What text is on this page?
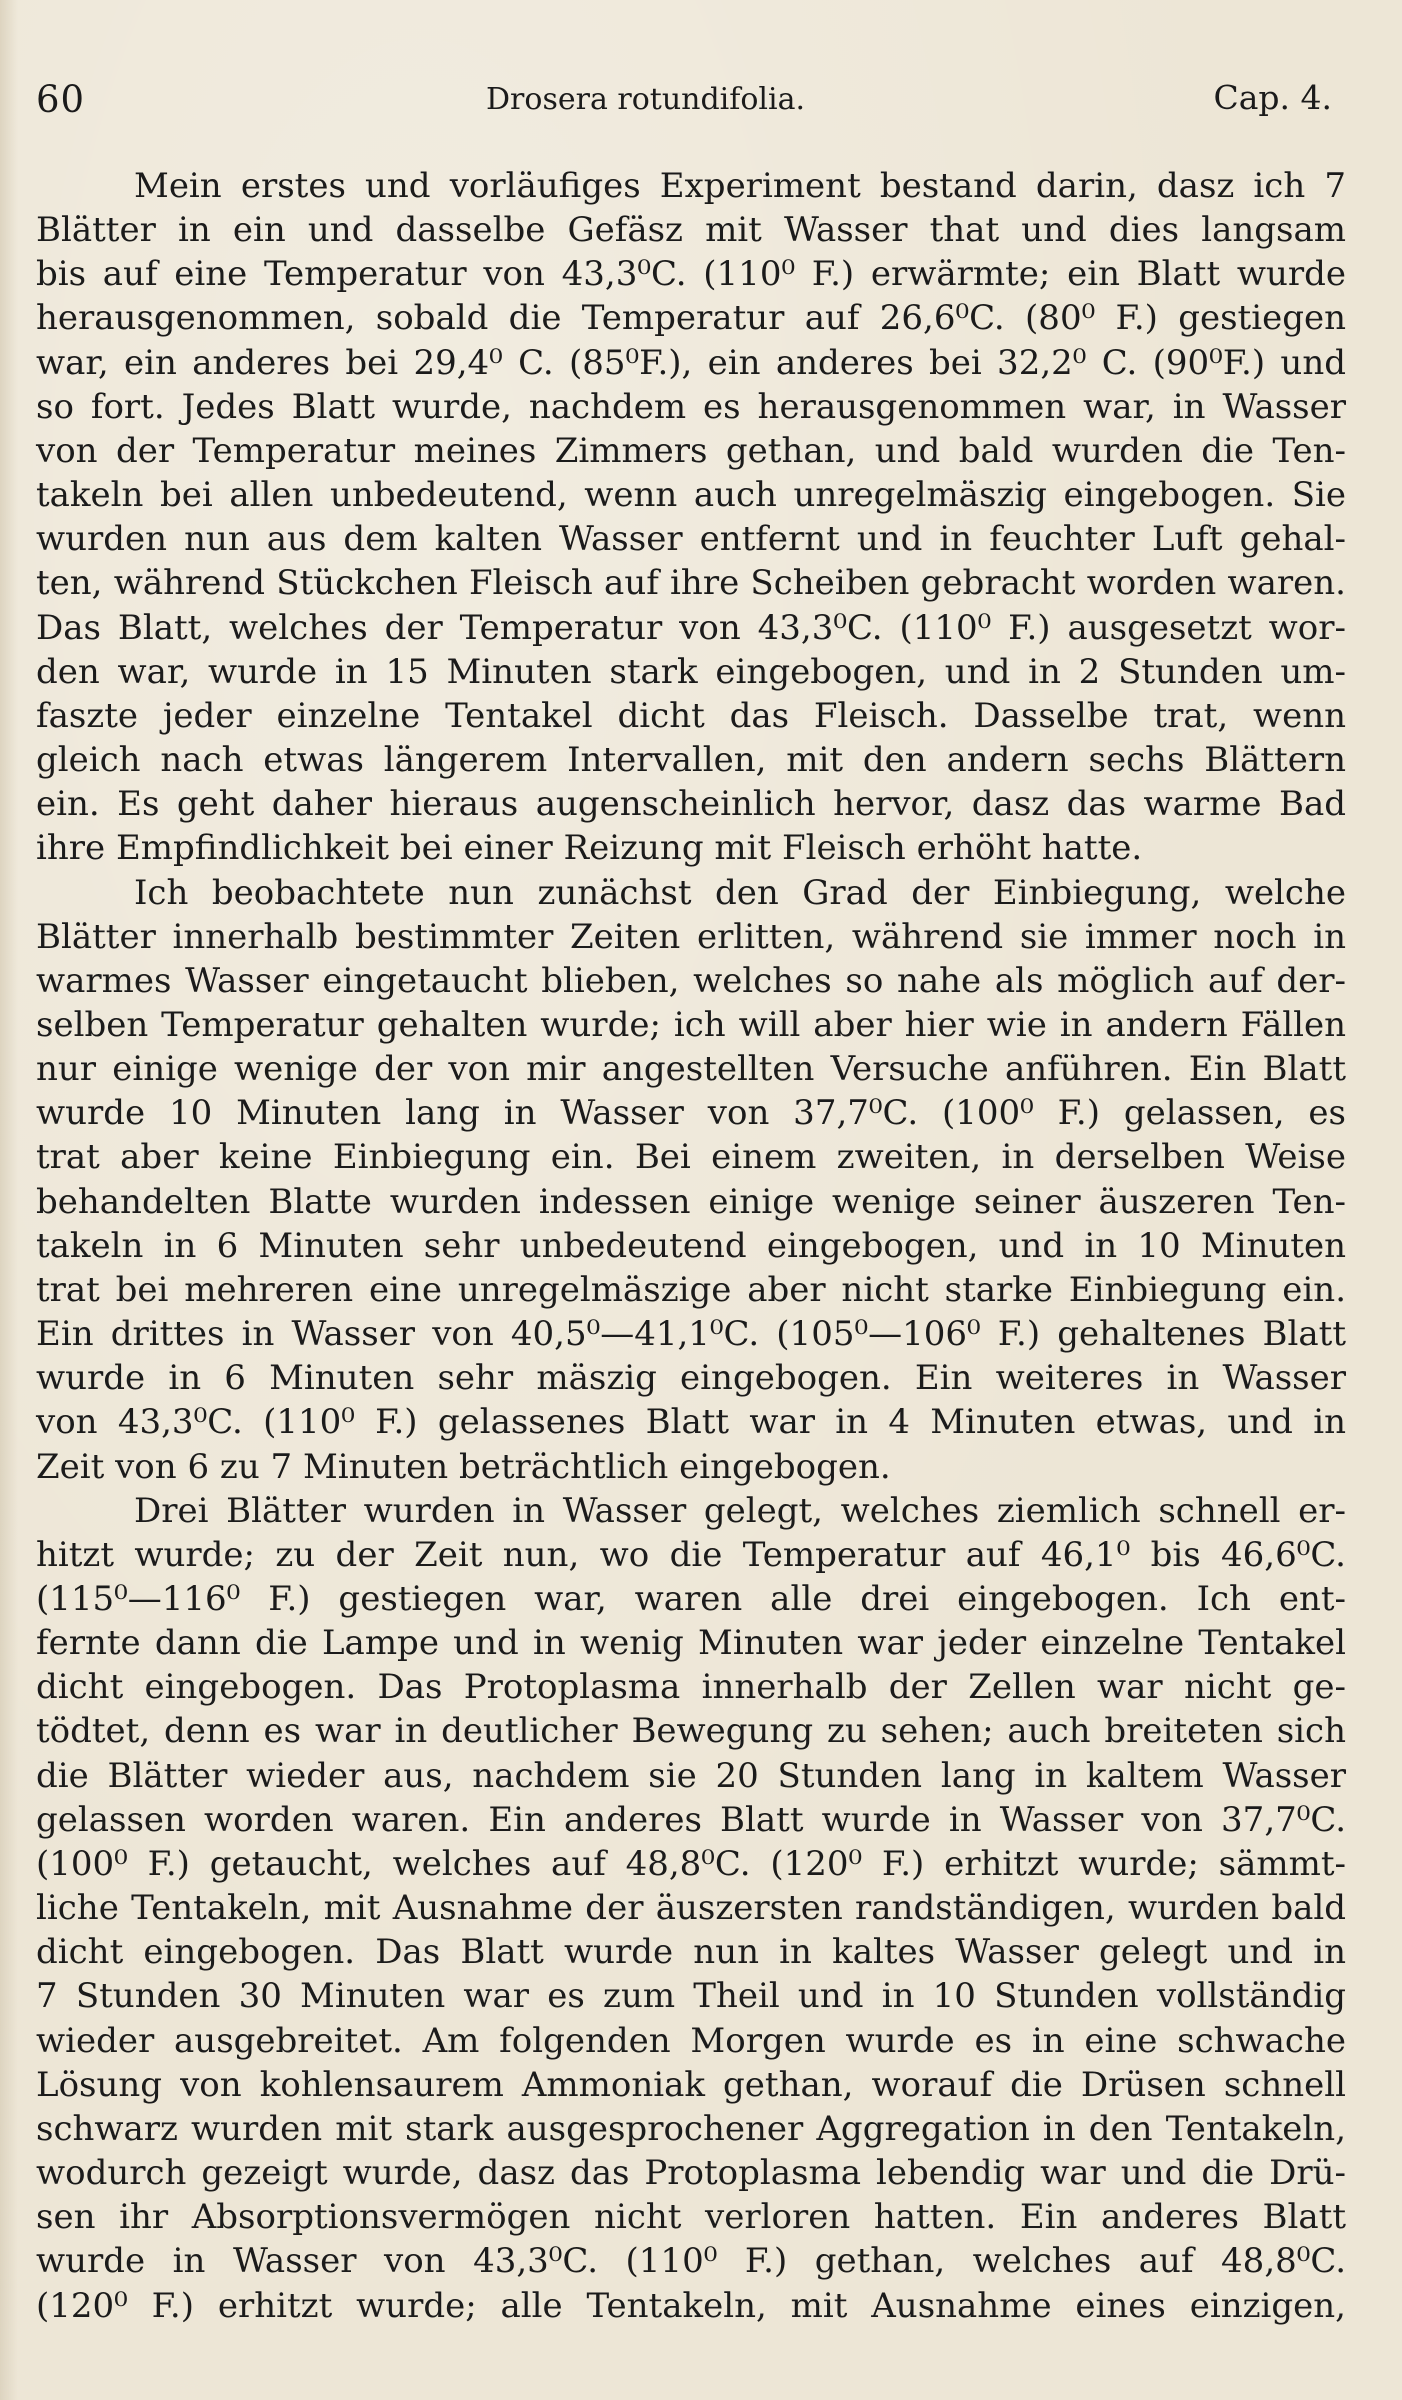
60	Drosera rotundifolia.	Cap. 4.
Mein erstes und vorläufiges Experiment bestand darin, dasz ich 7
Blätter in ein und dasselbe Gefäsz mit Wasser that und dies langsam
bis auf eine Temperatur von 43,3⁰C. (110⁰ F.) erwärmte; ein Blatt wurde
herausgenommen, sobald die Temperatur auf 26,6⁰C. (80⁰ F.) gestiegen
war, ein anderes bei 29,4⁰ C. (85⁰F.), ein anderes bei 32,2⁰ C. (90⁰F.) und
so fort. Jedes Blatt wurde, nachdem es herausgenommen war, in Wasser
von der Temperatur meines Zimmers gethan, und bald wurden die Ten-
takeln bei allen unbedeutend, wenn auch unregelmäszig eingebogen. Sie
wurden nun aus dem kalten Wasser entfernt und in feuchter Luft gehal-
ten, während Stückchen Fleisch auf ihre Scheiben gebracht worden waren.
Das Blatt, welches der Temperatur von 43,3⁰C. (110⁰ F.) ausgesetzt wor-
den war, wurde in 15 Minuten stark eingebogen, und in 2 Stunden um-
faszte jeder einzelne Tentakel dicht das Fleisch. Dasselbe trat, wenn
gleich nach etwas längerem Intervallen, mit den andern sechs Blättern
ein. Es geht daher hieraus augenscheinlich hervor, dasz das warme Bad
ihre Empfindlichkeit bei einer Reizung mit Fleisch erhöht hatte.
Ich beobachtete nun zunächst den Grad der Einbiegung, welche
Blätter innerhalb bestimmter Zeiten erlitten, während sie immer noch in
warmes Wasser eingetaucht blieben, welches so nahe als möglich auf der-
selben Temperatur gehalten wurde; ich will aber hier wie in andern Fällen
nur einige wenige der von mir angestellten Versuche anführen. Ein Blatt
wurde 10 Minuten lang in Wasser von 37,7⁰C. (100⁰ F.) gelassen, es
trat aber keine Einbiegung ein. Bei einem zweiten, in derselben Weise
behandelten Blatte wurden indessen einige wenige seiner äuszeren Ten-
takeln in 6 Minuten sehr unbedeutend eingebogen, und in 10 Minuten
trat bei mehreren eine unregelmäszige aber nicht starke Einbiegung ein.
Ein drittes in Wasser von 40,5⁰—41,1⁰C. (105⁰—106⁰ F.) gehaltenes Blatt
wurde in 6 Minuten sehr mäszig eingebogen. Ein weiteres in Wasser
von 43,3⁰C. (110⁰ F.) gelassenes Blatt war in 4 Minuten etwas, und in
Zeit von 6 zu 7 Minuten beträchtlich eingebogen.
Drei Blätter wurden in Wasser gelegt, welches ziemlich schnell er-
hitzt wurde; zu der Zeit nun, wo die Temperatur auf 46,1⁰ bis 46,6⁰C.
(115⁰—116⁰ F.) gestiegen war, waren alle drei eingebogen. Ich ent-
fernte dann die Lampe und in wenig Minuten war jeder einzelne Tentakel
dicht eingebogen. Das Protoplasma innerhalb der Zellen war nicht ge-
tödtet, denn es war in deutlicher Bewegung zu sehen; auch breiteten sich
die Blätter wieder aus, nachdem sie 20 Stunden lang in kaltem Wasser
gelassen worden waren. Ein anderes Blatt wurde in Wasser von 37,7⁰C.
(100⁰ F.) getaucht, welches auf 48,8⁰C. (120⁰ F.) erhitzt wurde; sämmt-
liche Tentakeln, mit Ausnahme der äuszersten randständigen, wurden bald
dicht eingebogen. Das Blatt wurde nun in kaltes Wasser gelegt und in
7 Stunden 30 Minuten war es zum Theil und in 10 Stunden vollständig
wieder ausgebreitet. Am folgenden Morgen wurde es in eine schwache
Lösung von kohlensaurem Ammoniak gethan, worauf die Drüsen schnell
schwarz wurden mit stark ausgesprochener Aggregation in den Tentakeln,
wodurch gezeigt wurde, dasz das Protoplasma lebendig war und die Drü-
sen ihr Absorptionsvermögen nicht verloren hatten. Ein anderes Blatt
wurde in Wasser von 43,3⁰C. (110⁰ F.) gethan, welches auf 48,8⁰C.
(120⁰ F.) erhitzt wurde; alle Tentakeln, mit Ausnahme eines einzigen,
